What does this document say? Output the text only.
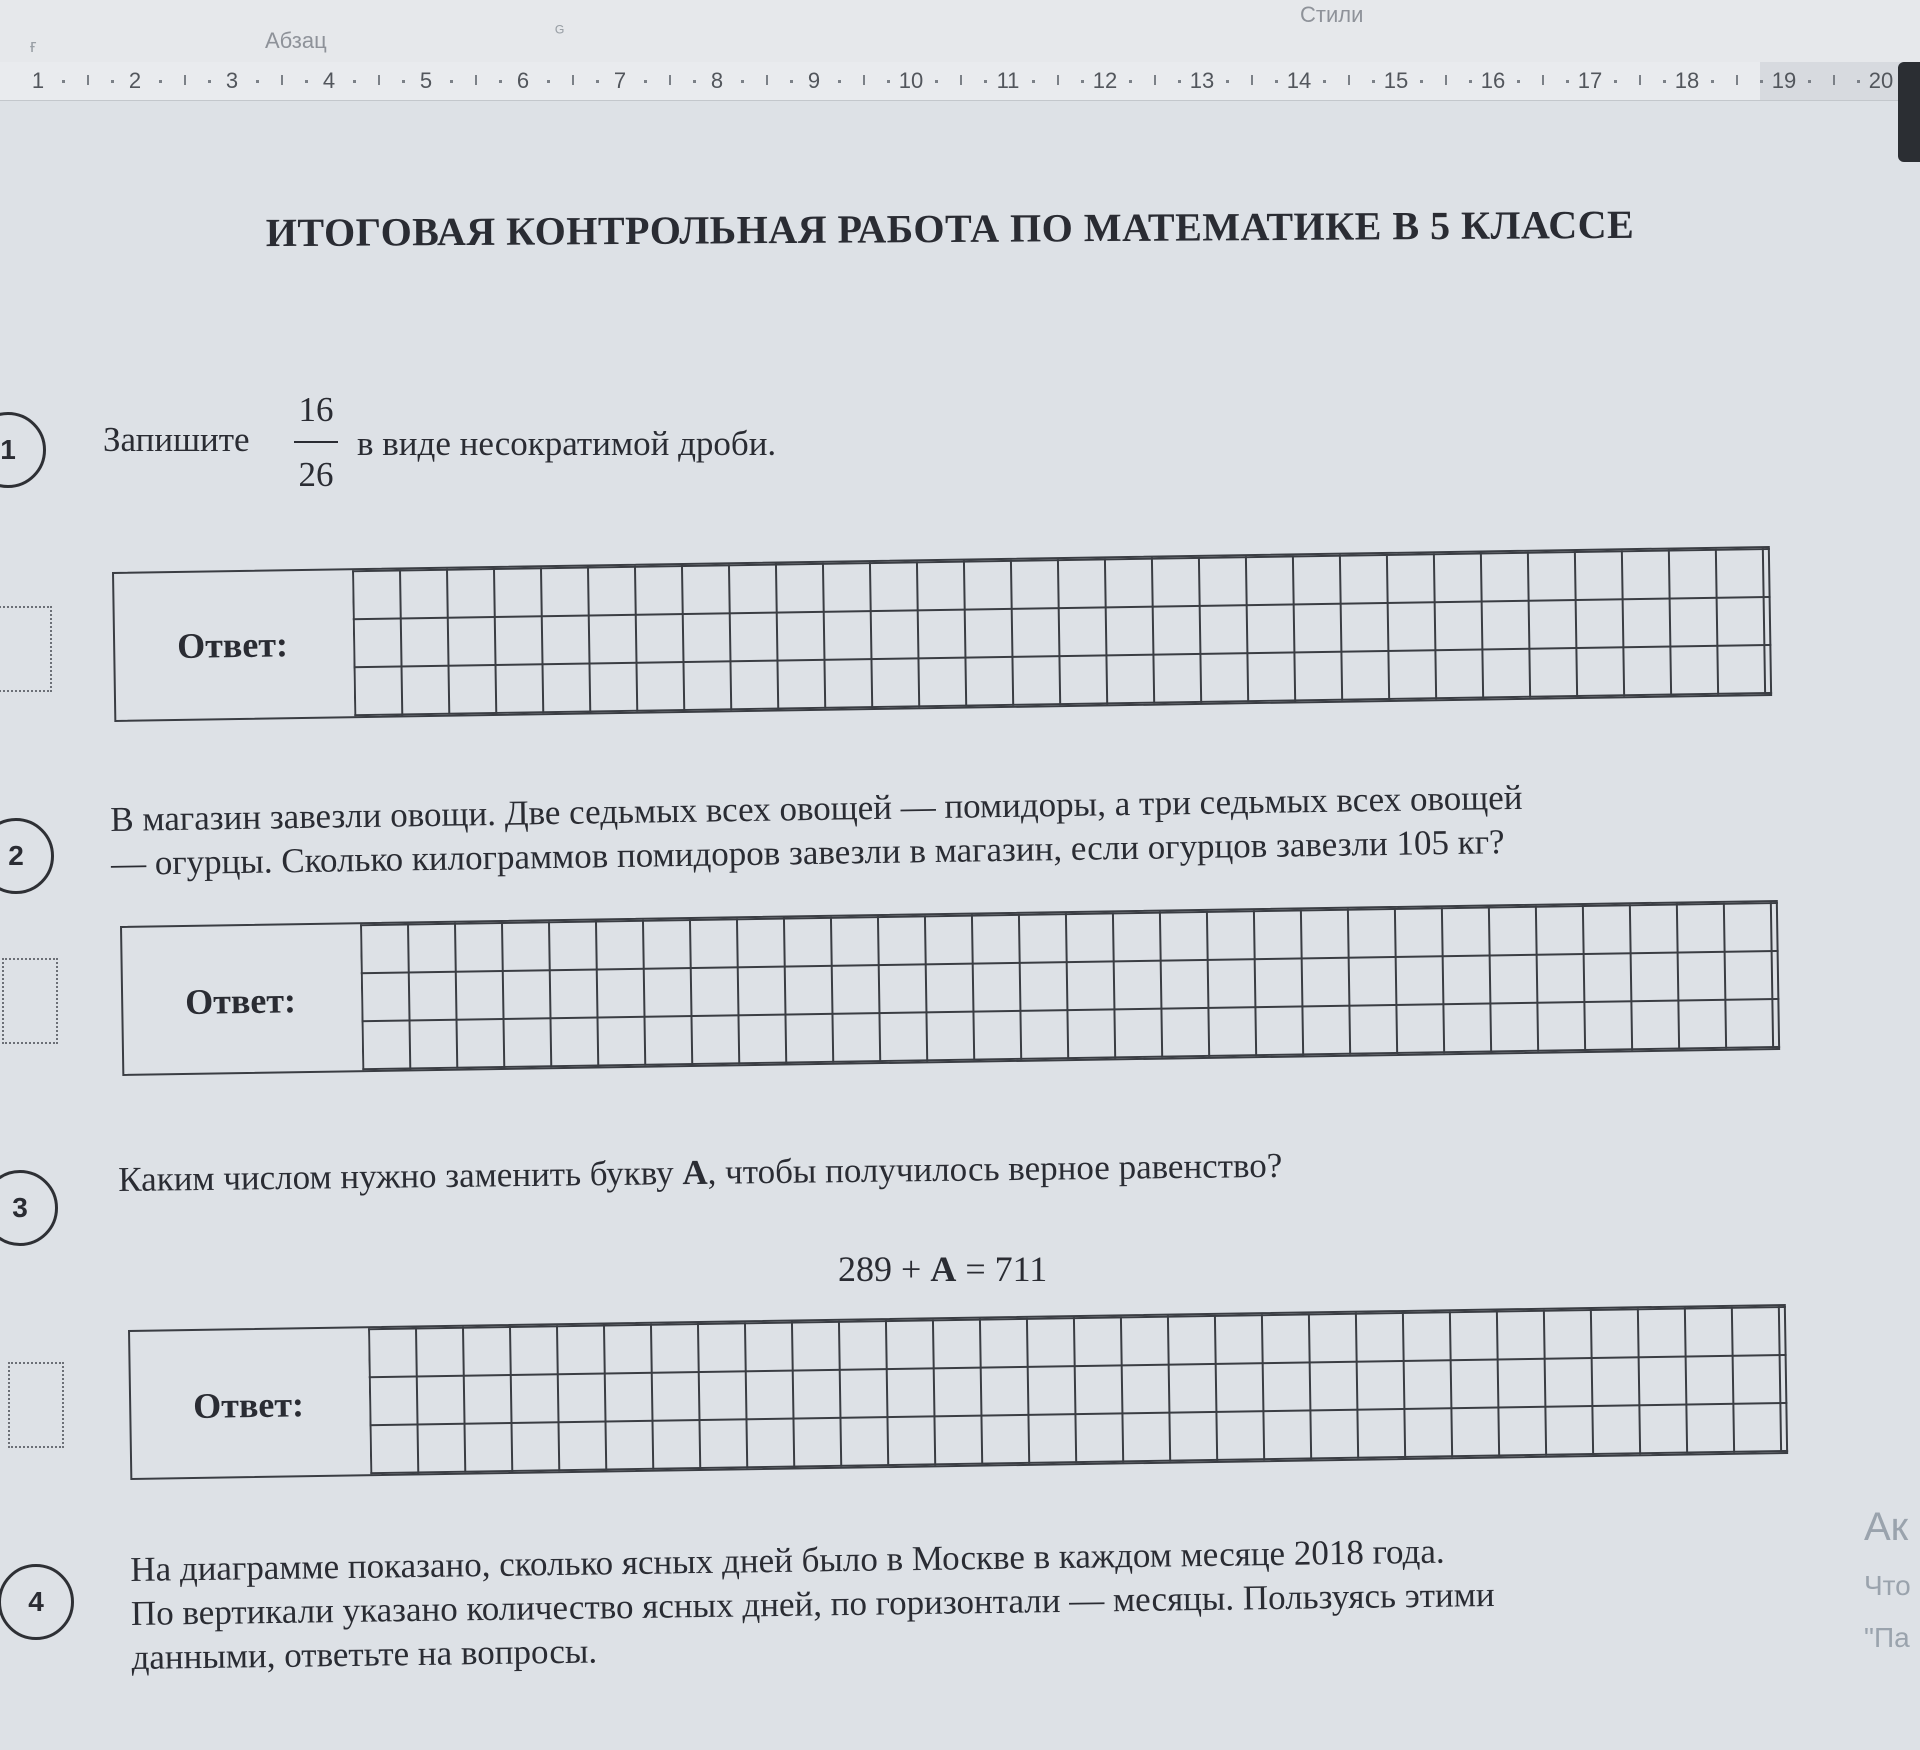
Стили
Абзац
ғ
ᴳ
1	2	3	4	5	6	7	8	9	10	11	12	13	14	15	16	17	18	19	20
ИТОГОВАЯ КОНТРОЛЬНАЯ РАБОТА ПО МАТЕМАТИКЕ В 5 КЛАССЕ
1	Запишите
16
26
в виде несократимой дроби.
Ответ:
2
В магазин завезли овощи. Две седьмых всех овощей — помидоры, а три седьмых всех овощей
— огурцы. Сколько килограммов помидоров завезли в магазин, если огурцов завезли 105 кг?
Ответ:
3
Каким числом нужно заменить букву А, чтобы получилось верное равенство?
289 + А = 711
Ответ:
4
На диаграмме показано, сколько ясных дней было в Москве в каждом месяце 2018 года.
По вертикали указано количество ясных дней, по горизонтали — месяцы. Пользуясь этими
данными, ответьте на вопросы.
Ак
Что
"Па
